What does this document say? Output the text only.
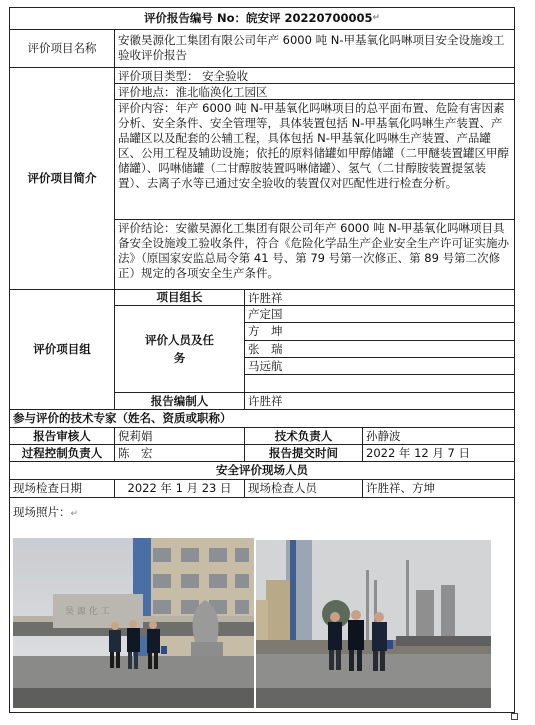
评价报告编号 No：皖安评 20220700005 ↵
评价项目名称
安徽昊源化工集团有限公司年产 6000 吨 N-甲基氧化吗啉项目安全设施竣工验收评价报告
评价项目简介
评价项目类型： 安全验收
评价地点：淮北临涣化工园区
评价内容：年产 6000 吨 N-甲基氧化吗啉项目的总平面布置、危险有害因素分析、安全条件、安全管理等，具体装置包括 N-甲基氧化吗啉生产装置、产品罐区以及配套的公辅工程，具体包括 N-甲基氧化吗啉生产装置、产品罐区、公用工程及辅助设施；依托的原料储罐如甲醇储罐（二甲醚装置罐区甲醇储罐）、吗啉储罐（二甘醇胺装置吗啉储罐）、氢气（二甘醇胺装置提氢装置）、去离子水等已通过安全验收的装置仅对匹配性进行检查分析。
评价结论：安徽昊源化工集团有限公司年产 6000 吨 N-甲基氧化吗啉项目具备安全设施竣工验收条件，符合《危险化学品生产企业安全生产许可证实施办法》（原国家安监总局令第 41 号、第 79 号第一次修正、第 89 号第二次修正）规定的各项安全生产条件。
评价项目组
项目组长	许胜祥
评价人员及任务
产定国
方　坤
张　瑞
马远航
报告编制人	许胜祥
参与评价的技术专家（姓名、资质或职称）
报告审核人 倪莉娟	技术负责人	孙静波
过程控制负责人 陈　宏	报告提交时间 2022 年 12 月 7 日
安全评价现场人员
现场检查日期	2022 年 1 月 23 日 现场检查人员	许胜祥、方坤
现场照片：↵
昊 源 化 工
